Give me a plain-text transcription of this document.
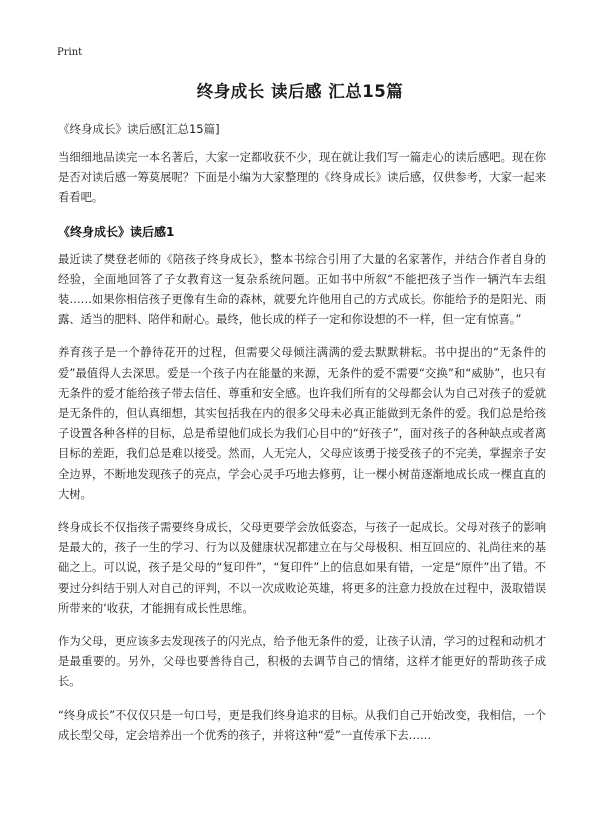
Print
终身成长 读后感 汇总15篇

《终身成长》读后感[汇总15篇]

当细细地品读完一本名著后，大家一定都收获不少，现在就让我们写一篇走心的读后感吧。现在你是否对读后感一筹莫展呢？下面是小编为大家整理的《终身成长》读后感，仅供参考，大家一起来看看吧。

《终身成长》读后感1

最近读了樊登老师的《陪孩子终身成长》，整本书综合引用了大量的名家著作，并结合作者自身的经验，全面地回答了子女教育这一复杂系统问题。正如书中所叙“不能把孩子当作一辆汽车去组装……如果你相信孩子更像有生命的森林，就要允许他用自己的方式成长。你能给予的是阳光、雨露、适当的肥料、陪伴和耐心。最终，他长成的样子一定和你设想的不一样，但一定有惊喜。”

养育孩子是一个静待花开的过程，但需要父母倾注满满的爱去默默耕耘。书中提出的“无条件的爱”最值得人去深思。爱是一个孩子内在能量的来源，无条件的爱不需要“交换”和“威胁”，也只有无条件的爱才能给孩子带去信任、尊重和安全感。也许我们所有的父母都会认为自己对孩子的爱就是无条件的，但认真细想，其实包括我在内的很多父母未必真正能做到无条件的爱。我们总是给孩子设置各种各样的目标，总是希望他们成长为我们心目中的“好孩子”，面对孩子的各种缺点或者离目标的差距，我们总是难以接受。然而，人无完人，父母应该勇于接受孩子的不完美，掌握亲子安全边界，不断地发现孩子的亮点，学会心灵手巧地去修剪，让一棵小树苗逐渐地成长成一棵直直的大树。

终身成长不仅指孩子需要终身成长，父母更要学会放低姿态，与孩子一起成长。父母对孩子的影响是最大的，孩子一生的学习、行为以及健康状况都建立在与父母极积、相互回应的、礼尚往来的基础之上。可以说，孩子是父母的“复印件”，“复印件”上的信息如果有错，一定是“原件”出了错。不要过分纠结于别人对自己的评判，不以一次成败论英雄，将更多的注意力投放在过程中，汲取错误所带来的‘收获，才能拥有成长性思维。

作为父母，更应该多去发现孩子的闪光点，给予他无条件的爱，让孩子认清，学习的过程和动机才是最重要的。另外，父母也要善待自己，积极的去调节自己的情绪，这样才能更好的帮助孩子成长。

“终身成长”不仅仅只是一句口号，更是我们终身追求的目标。从我们自己开始改变，我相信，一个成长型父母，定会培养出一个优秀的孩子，并将这种“爱”一直传承下去……
